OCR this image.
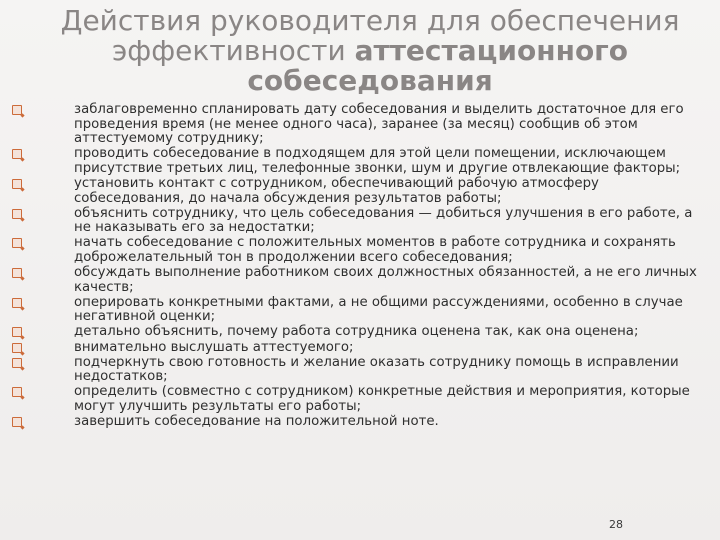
Действия руководителя для обеспечения
эффективности аттестационного
собеседования
заблаговременно спланировать дату собеседования и выделить достаточное для его проведения время (не менее одного часа), заранее (за месяц) сообщив об этом аттестуемому сотруднику;
проводить собеседование в подходящем для этой цели помещении, исключающем присутствие третьих лиц, телефонные звонки, шум и другие отвлекающие факторы;
установить контакт с сотрудником, обеспечивающий рабочую атмосферу собеседования, до начала обсуждения результатов работы;
объяснить сотруднику, что цель собеседования — добиться улучшения в его работе, а не наказывать его за недостатки;
начать собеседование с положительных моментов в работе сотрудника и сохранять доброжелательный тон в продолжении всего собеседования;
обсуждать выполнение работником своих должностных обязанностей, а не его личных качеств;
оперировать конкретными фактами, а не общими рассуждениями, особенно в случае негативной оценки;
детально объяснить, почему работа сотрудника оценена так, как она оценена;
внимательно выслушать аттестуемого;
подчеркнуть свою готовность и желание оказать сотруднику помощь в исправлении недостатков;
определить (совместно с сотрудником) конкретные действия и мероприятия, которые могут улучшить результаты его работы;
завершить собеседование на положительной ноте.
28
